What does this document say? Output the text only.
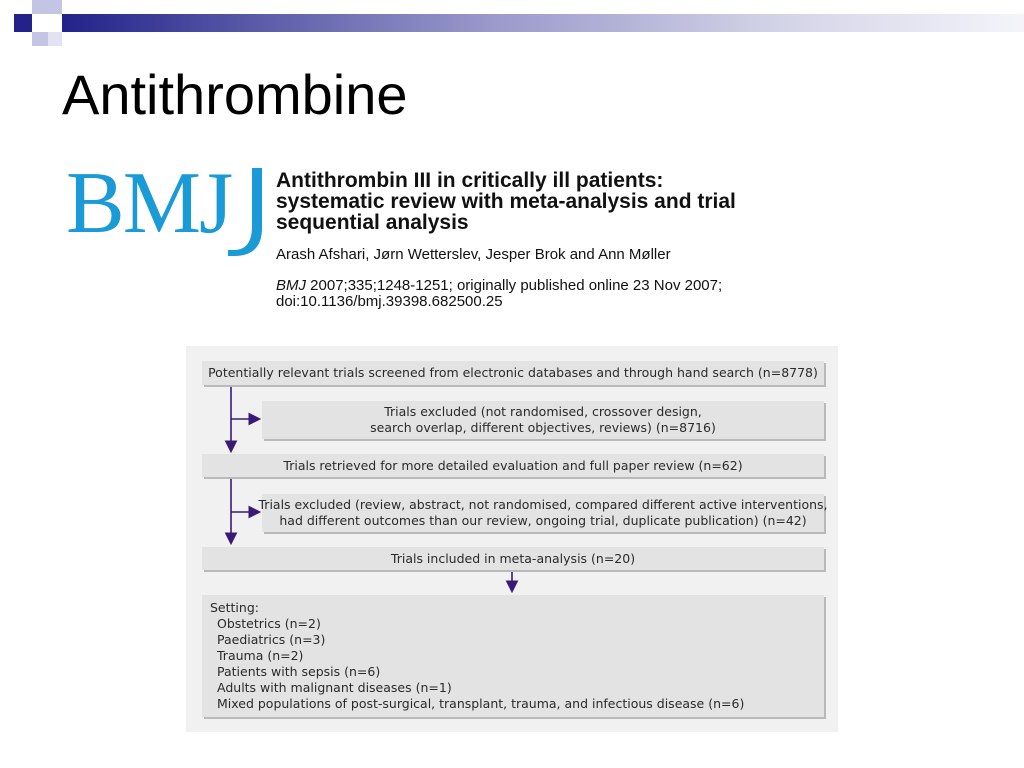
Antithrombine
BMJ Antithrombin III in critically ill patients:
systematic review with meta-analysis and trial
sequential analysis
Arash Afshari, Jørn Wetterslev, Jesper Brok and Ann Møller
BMJ 2007;335;1248-1251; originally published online 23 Nov 2007;
doi:10.1136/bmj.39398.682500.25
Potentially relevant trials screened from electronic databases and through hand search (n=8778)
Trials excluded (not randomised, crossover design,
search overlap, different objectives, reviews) (n=8716)
Trials retrieved for more detailed evaluation and full paper review (n=62)
Trials excluded (review, abstract, not randomised, compared different active interventions,
had different outcomes than our review, ongoing trial, duplicate publication) (n=42)
Trials included in meta-analysis (n=20)
Setting:
Obstetrics (n=2)
Paediatrics (n=3)
Trauma (n=2)
Patients with sepsis (n=6)
Adults with malignant diseases (n=1)
Mixed populations of post-surgical, transplant, trauma, and infectious disease (n=6)
